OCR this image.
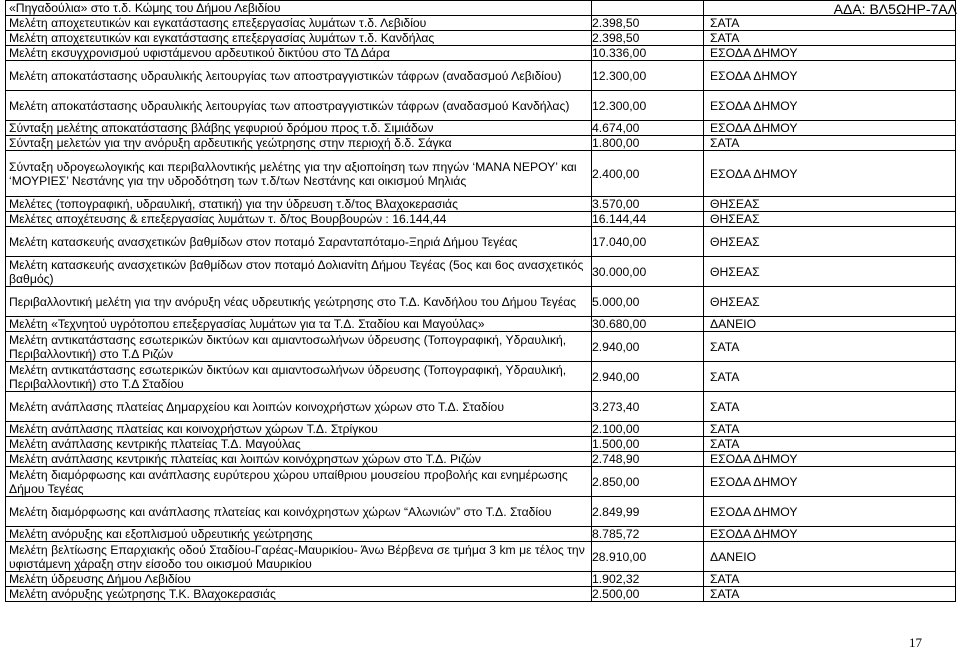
«Πηγαδούλια» στο τ.δ. Κώμης του Δήμου Λεβιδίου		
Μελέτη αποχετευτικών και εγκατάστασης επεξεργασίας λυμάτων τ.δ. Λεβιδίου	2.398,50	ΣΑΤΑ
Μελέτη αποχετευτικών και εγκατάστασης επεξεργασίας λυμάτων τ.δ. Κανδήλας	2.398,50	ΣΑΤΑ
Μελέτη εκσυγχρονισμού υφιστάμενου αρδευτικού δικτύου στο ΤΔ Δάρα	10.336,00	ΕΣΟΔΑ ΔΗΜΟΥ
Μελέτη αποκατάστασης υδραυλικής λειτουργίας των αποστραγγιστικών τάφρων (αναδασμού Λεβιδίου)	12.300,00	ΕΣΟΔΑ ΔΗΜΟΥ
Μελέτη αποκατάστασης υδραυλικής λειτουργίας των αποστραγγιστικών τάφρων (αναδασμού Κανδήλας)	12.300,00	ΕΣΟΔΑ ΔΗΜΟΥ
Σύνταξη μελέτης αποκατάστασης βλάβης γεφυριού δρόμου προς τ.δ. Σιμιάδων	4.674,00	ΕΣΟΔΑ ΔΗΜΟΥ
Σύνταξη μελετών για την ανόρυξη αρδευτικής γεώτρησης στην περιοχή δ.δ. Σάγκα	1.800,00	ΣΑΤΑ
Σύνταξη υδρογεωλογικής και περιβαλλοντικής μελέτης για την αξιοποίηση των πηγών ‘ΜΑΝΑ ΝΕΡΟΥ’ και ‘ΜΟΥΡΙΕΣ’ Νεστάνης για την υδροδότηση των τ.δ/των Νεστάνης και οικισμού Μηλιάς	2.400,00	ΕΣΟΔΑ ΔΗΜΟΥ
Μελέτες (τοπογραφική, υδραυλική, στατική) για την ύδρευση τ.δ/τος Βλαχοκερασιάς	3.570,00	ΘΗΣΕΑΣ
Μελέτες αποχέτευσης & επεξεργασίας λυμάτων τ. δ/τος Βουρβουρών : 16.144,44	16.144,44	ΘΗΣΕΑΣ
Μελέτη κατασκευής ανασχετικών βαθμίδων στον ποταμό Σαρανταπόταμο-Ξηριά Δήμου Τεγέας	17.040,00	ΘΗΣΕΑΣ
Μελέτη κατασκευής ανασχετικών βαθμίδων στον ποταμό Δολιανίτη Δήμου Τεγέας (5ος και 6ος ανασχετικός βαθμός)	30.000,00	ΘΗΣΕΑΣ
Περιβαλλοντική μελέτη για την ανόρυξη νέας υδρευτικής γεώτρησης στο Τ.Δ. Κανδήλου του Δήμου Τεγέας	5.000,00	ΘΗΣΕΑΣ
Μελέτη «Τεχνητού υγρότοπου επεξεργασίας λυμάτων για τα Τ.Δ. Σταδίου και Μαγούλας»	30.680,00	ΔΑΝΕΙΟ
Μελέτη αντικατάστασης εσωτερικών δικτύων και αμιαντοσωλήνων ύδρευσης (Τοπογραφική, Υδραυλική, Περιβαλλοντική) στο Τ.Δ Ριζών	2.940,00	ΣΑΤΑ
Μελέτη αντικατάστασης εσωτερικών δικτύων και αμιαντοσωλήνων ύδρευσης (Τοπογραφική, Υδραυλική, Περιβαλλοντική) στο Τ.Δ Σταδίου	2.940,00	ΣΑΤΑ
Μελέτη ανάπλασης πλατείας Δημαρχείου και λοιπών κοινοχρήστων χώρων στο Τ.Δ. Σταδίου	3.273,40	ΣΑΤΑ
Μελέτη ανάπλασης πλατείας και κοινοχρήστων χώρων Τ.Δ. Στρίγκου	2.100,00	ΣΑΤΑ
Μελέτη ανάπλασης κεντρικής πλατείας Τ.Δ. Μαγούλας	1.500,00	ΣΑΤΑ
Μελέτη ανάπλασης κεντρικής πλατείας και λοιπών κοινόχρηστων χώρων στο Τ.Δ. Ριζών	2.748,90	ΕΣΟΔΑ ΔΗΜΟΥ
Μελέτη διαμόρφωσης και ανάπλασης ευρύτερου χώρου υπαίθριου μουσείου προβολής και ενημέρωσης Δήμου Τεγέας	2.850,00	ΕΣΟΔΑ ΔΗΜΟΥ
Μελέτη διαμόρφωσης και ανάπλασης πλατείας και κοινόχρηστων χώρων “Αλωνιών” στο Τ.Δ. Σταδίου	2.849,99	ΕΣΟΔΑ ΔΗΜΟΥ
Μελέτη ανόρυξης και εξοπλισμού υδρευτικής γεώτρησης	8.785,72	ΕΣΟΔΑ ΔΗΜΟΥ
Μελέτη βελτίωσης Επαρχιακής οδού Σταδίου-Γαρέας-Μαυρικίου- Άνω Βέρβενα σε τμήμα 3 km με τέλος την υφιστάμενη χάραξη στην είσοδο του οικισμού Μαυρικίου	28.910,00	ΔΑΝΕΙΟ
Μελέτη ύδρευσης Δήμου Λεβιδίου	1.902,32	ΣΑΤΑ
Μελέτη ανόρυξης γεώτρησης Τ.Κ. Βλαχοκερασιάς	2.500,00	ΣΑΤΑ
ΑΔΑ: ΒΛ5ΩΗΡ-7ΑΛ
17
